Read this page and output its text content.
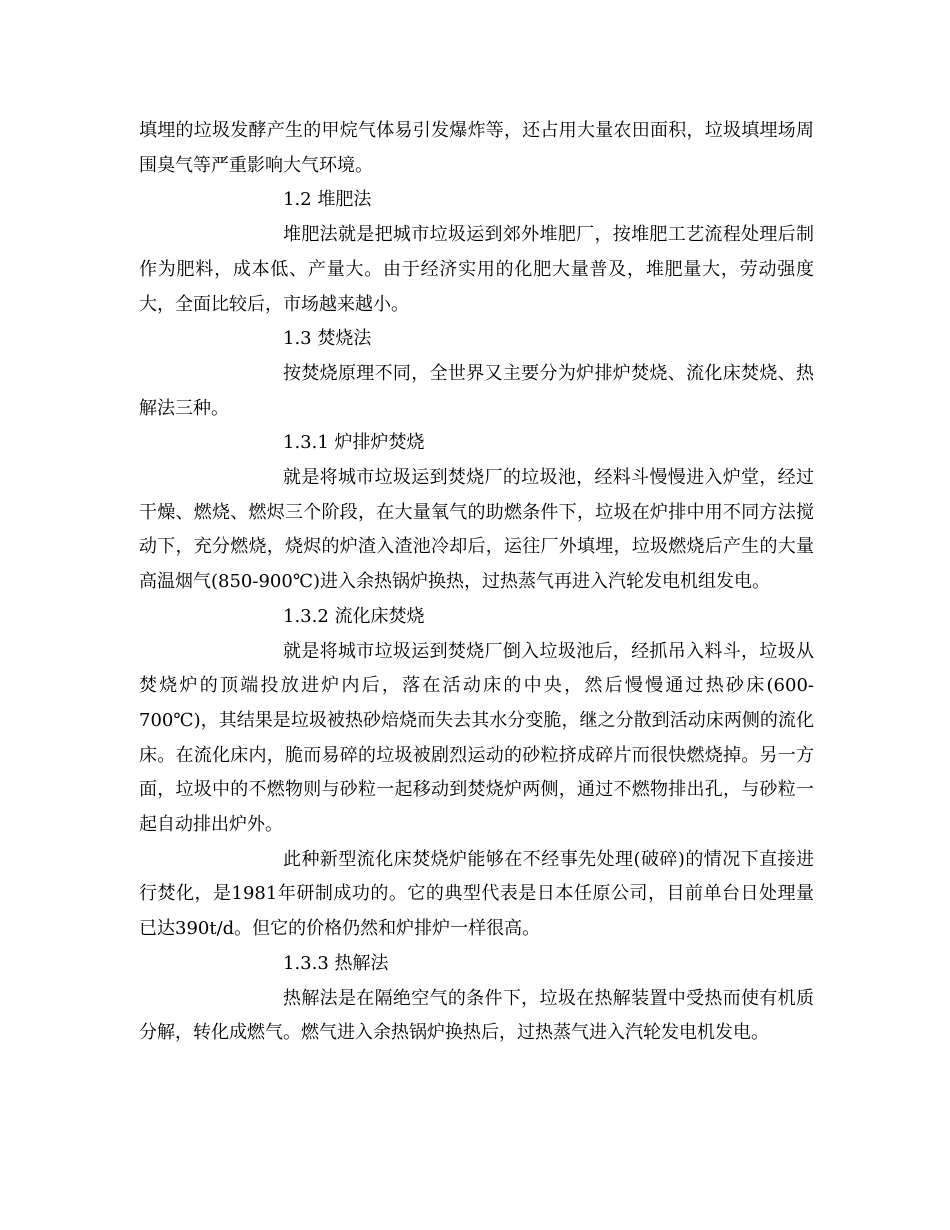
填埋的垃圾发酵产生的甲烷气体易引发爆炸等，还占用大量农田面积，垃圾填埋场周围臭气等严重影响大气环境。

1.2 堆肥法

堆肥法就是把城市垃圾运到郊外堆肥厂，按堆肥工艺流程处理后制作为肥料，成本低、产量大。由于经济实用的化肥大量普及，堆肥量大，劳动强度大，全面比较后，市场越来越小。

1.3 焚烧法

按焚烧原理不同，全世界又主要分为炉排炉焚烧、流化床焚烧、热解法三种。

1.3.1 炉排炉焚烧

就是将城市垃圾运到焚烧厂的垃圾池，经料斗慢慢进入炉堂，经过干燥、燃烧、燃烬三个阶段，在大量氧气的助燃条件下，垃圾在炉排中用不同方法搅动下，充分燃烧，烧烬的炉渣入渣池冷却后，运往厂外填埋，垃圾燃烧后产生的大量高温烟气(850-900℃)进入余热锅炉换热，过热蒸气再进入汽轮发电机组发电。

1.3.2 流化床焚烧

就是将城市垃圾运到焚烧厂倒入垃圾池后，经抓吊入料斗，垃圾从焚烧炉的顶端投放进炉内后，落在活动床的中央，然后慢慢通过热砂床(600-700℃)，其结果是垃圾被热砂焙烧而失去其水分变脆，继之分散到活动床两侧的流化床。在流化床内，脆而易碎的垃圾被剧烈运动的砂粒挤成碎片而很快燃烧掉。另一方面，垃圾中的不燃物则与砂粒一起移动到焚烧炉两侧，通过不燃物排出孔，与砂粒一起自动排出炉外。

此种新型流化床焚烧炉能够在不经事先处理(破碎)的情况下直接进行焚化，是1981年研制成功的。它的典型代表是日本任原公司，目前单台日处理量已达390t/d。但它的价格仍然和炉排炉一样很高。

1.3.3 热解法

热解法是在隔绝空气的条件下，垃圾在热解装置中受热而使有机质分解，转化成燃气。燃气进入余热锅炉换热后，过热蒸气进入汽轮发电机发电。
